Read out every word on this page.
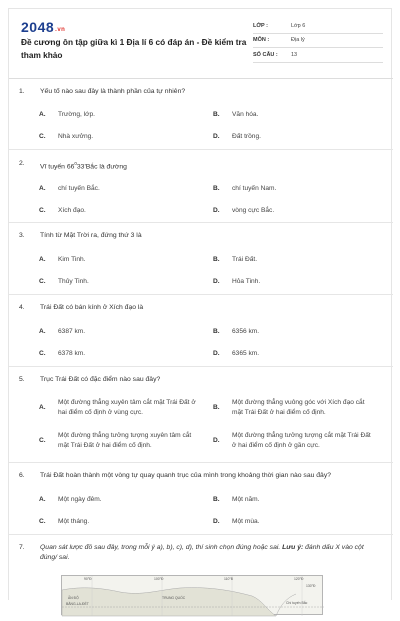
2048.vn
Đề cương ôn tập giữa kì 1 Địa lí 6 có đáp án - Đề kiểm tra tham khảo
LỚP :	Lớp 6
MÔN :	Địa lý
SỐ CÂU :	13
1.	Yếu tố nào sau đây là thành phần của tự nhiên?
A.	Trường, lớp.	B.	Văn hóa.
C.	Nhà xưởng.	D.	Đất trồng.
2.	Vĩ tuyến $66^033'Bắc$ là đường
A.	chí tuyến Bắc.	B.	chí tuyến Nam.
C.	Xích đạo.	D.	vòng cực Bắc.
3.	Tính từ Mặt Trời ra, đứng thứ 3 là
A.	Kim Tinh.	B.	Trái Đất.
C.	Thủy Tinh.	D.	Hỏa Tinh.
4.	Trái Đất có bán kính ở Xích đạo là
A.	6387 km.	B.	6356 km.
C.	6378 km.	D.	6365 km.
5.	Trục Trái Đất có đặc điểm nào sau đây?
A.
Một đường thẳng xuyên tâm cắt mặt Trái Đất ở hai điểm cố định ở vùng cực.
B.
Một đường thẳng vuông góc với Xích đạo cắt mặt Trái Đất ở hai điểm cố định.
C.
Một đường thẳng tưởng tượng xuyên tâm cắt mặt Trái Đất ở hai điểm cố định.
D.
Một đường thẳng tưởng tượng cắt mặt Trái Đất ở hai điểm cố định ở gần cực.
6.	Trái Đất hoàn thành một vòng tự quay quanh trục của mình trong khoảng thời gian nào sau đây?
A.	Một ngày đêm.	B.	Một năm.
C.	Một tháng.	D.	Một mùa.
7.	Quan sát lược đồ sau đây, trong mỗi ý a), b), c), d), thí sinh chọn đúng hoặc sai. Lưu ý: đánh dấu X vào cột đúng/ sai.
90°Đ	100°Đ	110°Đ	120°Đ
130°Đ
ẤN ĐỘ	TRUNG QUỐC
BĂNG-LA-ĐÉT	Chí tuyến Bắc
